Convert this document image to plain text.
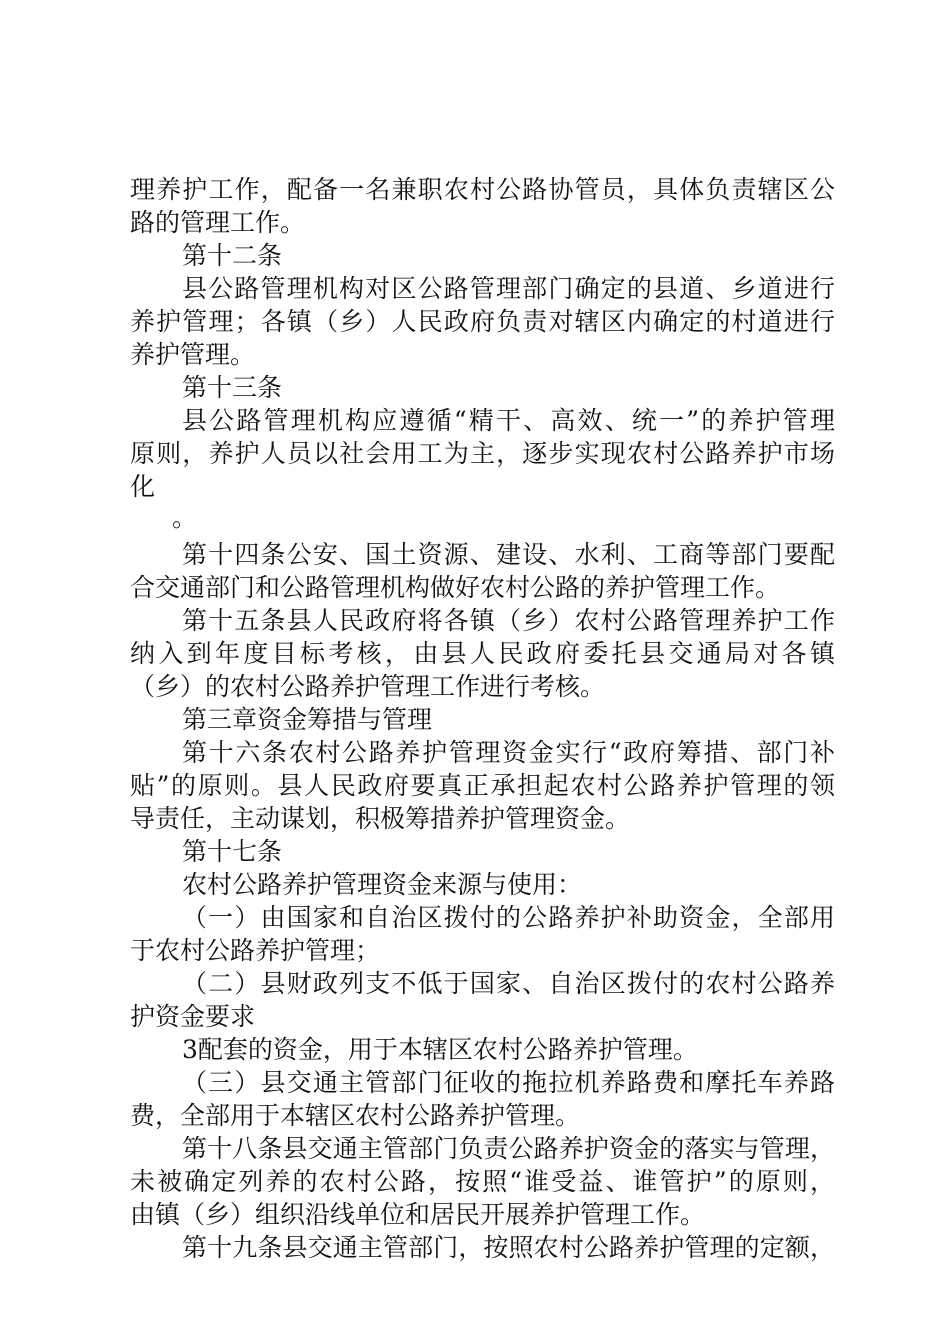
理养护工作，配备一名兼职农村公路协管员，具体负责辖区公
路的管理工作。
第十二条
县公路管理机构对区公路管理部门确定的县道、乡道进行
养护管理；各镇（乡）人民政府负责对辖区内确定的村道进行
养护管理。
第十三条
县公路管理机构应遵循“精干、高效、统一”的养护管理
原则，养护人员以社会用工为主，逐步实现农村公路养护市场
化
。
第十四条公安、国土资源、建设、水利、工商等部门要配
合交通部门和公路管理机构做好农村公路的养护管理工作。
第十五条县人民政府将各镇（乡）农村公路管理养护工作
纳入到年度目标考核，由县人民政府委托县交通局对各镇
（乡）的农村公路养护管理工作进行考核。
第三章资金筹措与管理
第十六条农村公路养护管理资金实行“政府筹措、部门补
贴”的原则。县人民政府要真正承担起农村公路养护管理的领
导责任，主动谋划，积极筹措养护管理资金。
第十七条
农村公路养护管理资金来源与使用：
（一）由国家和自治区拨付的公路养护补助资金，全部用
于农村公路养护管理；
（二）县财政列支不低于国家、自治区拨付的农村公路养
护资金要求
3配套的资金，用于本辖区农村公路养护管理。
（三）县交通主管部门征收的拖拉机养路费和摩托车养路
费，全部用于本辖区农村公路养护管理。
第十八条县交通主管部门负责公路养护资金的落实与管理，
未被确定列养的农村公路，按照“谁受益、谁管护”的原则，
由镇（乡）组织沿线单位和居民开展养护管理工作。
第十九条县交通主管部门，按照农村公路养护管理的定额，
